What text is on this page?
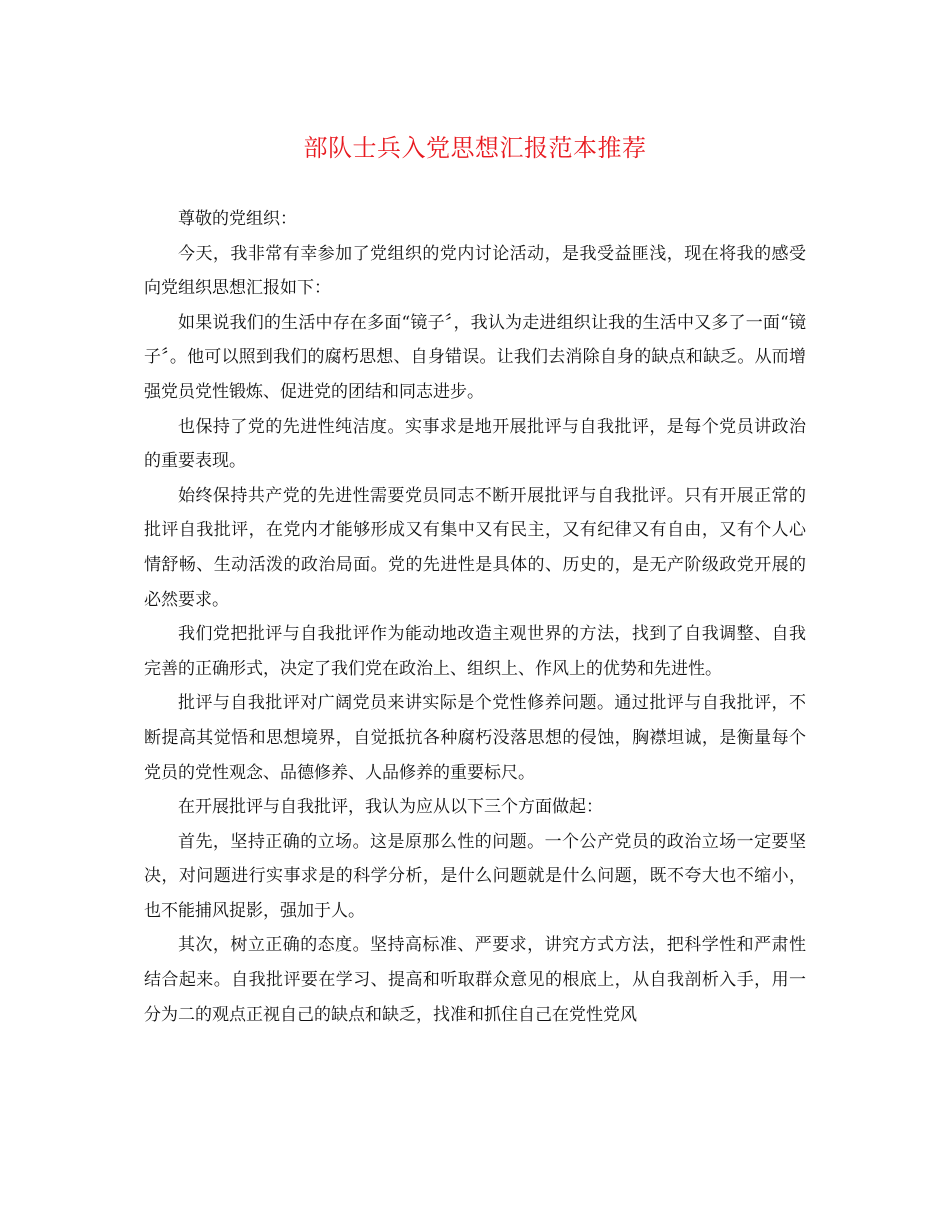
部队士兵入党思想汇报范本推荐

尊敬的党组织：

今天，我非常有幸参加了党组织的党内讨论活动，是我受益匪浅，现在将我的感受向党组织思想汇报如下：

如果说我们的生活中存在多面“镜子〞，我认为走进组织让我的生活中又多了一面“镜子〞。他可以照到我们的腐朽思想、自身错误。让我们去消除自身的缺点和缺乏。从而增强党员党性锻炼、促进党的团结和同志进步。

也保持了党的先进性纯洁度。实事求是地开展批评与自我批评，是每个党员讲政治的重要表现。

始终保持共产党的先进性需要党员同志不断开展批评与自我批评。只有开展正常的批评自我批评，在党内才能够形成又有集中又有民主，又有纪律又有自由，又有个人心情舒畅、生动活泼的政治局面。党的先进性是具体的、历史的，是无产阶级政党开展的必然要求。

我们党把批评与自我批评作为能动地改造主观世界的方法，找到了自我调整、自我完善的正确形式，决定了我们党在政治上、组织上、作风上的优势和先进性。

批评与自我批评对广阔党员来讲实际是个党性修养问题。通过批评与自我批评，不断提高其觉悟和思想境界，自觉抵抗各种腐朽没落思想的侵蚀，胸襟坦诚，是衡量每个党员的党性观念、品德修养、人品修养的重要标尺。

在开展批评与自我批评，我认为应从以下三个方面做起：

首先，坚持正确的立场。这是原那么性的问题。一个公产党员的政治立场一定要坚决，对问题进行实事求是的科学分析，是什么问题就是什么问题，既不夸大也不缩小，也不能捕风捉影，强加于人。

其次，树立正确的态度。坚持高标准、严要求，讲究方式方法，把科学性和严肃性结合起来。自我批评要在学习、提高和听取群众意见的根底上，从自我剖析入手，用一分为二的观点正视自己的缺点和缺乏，找准和抓住自己在党性党风
